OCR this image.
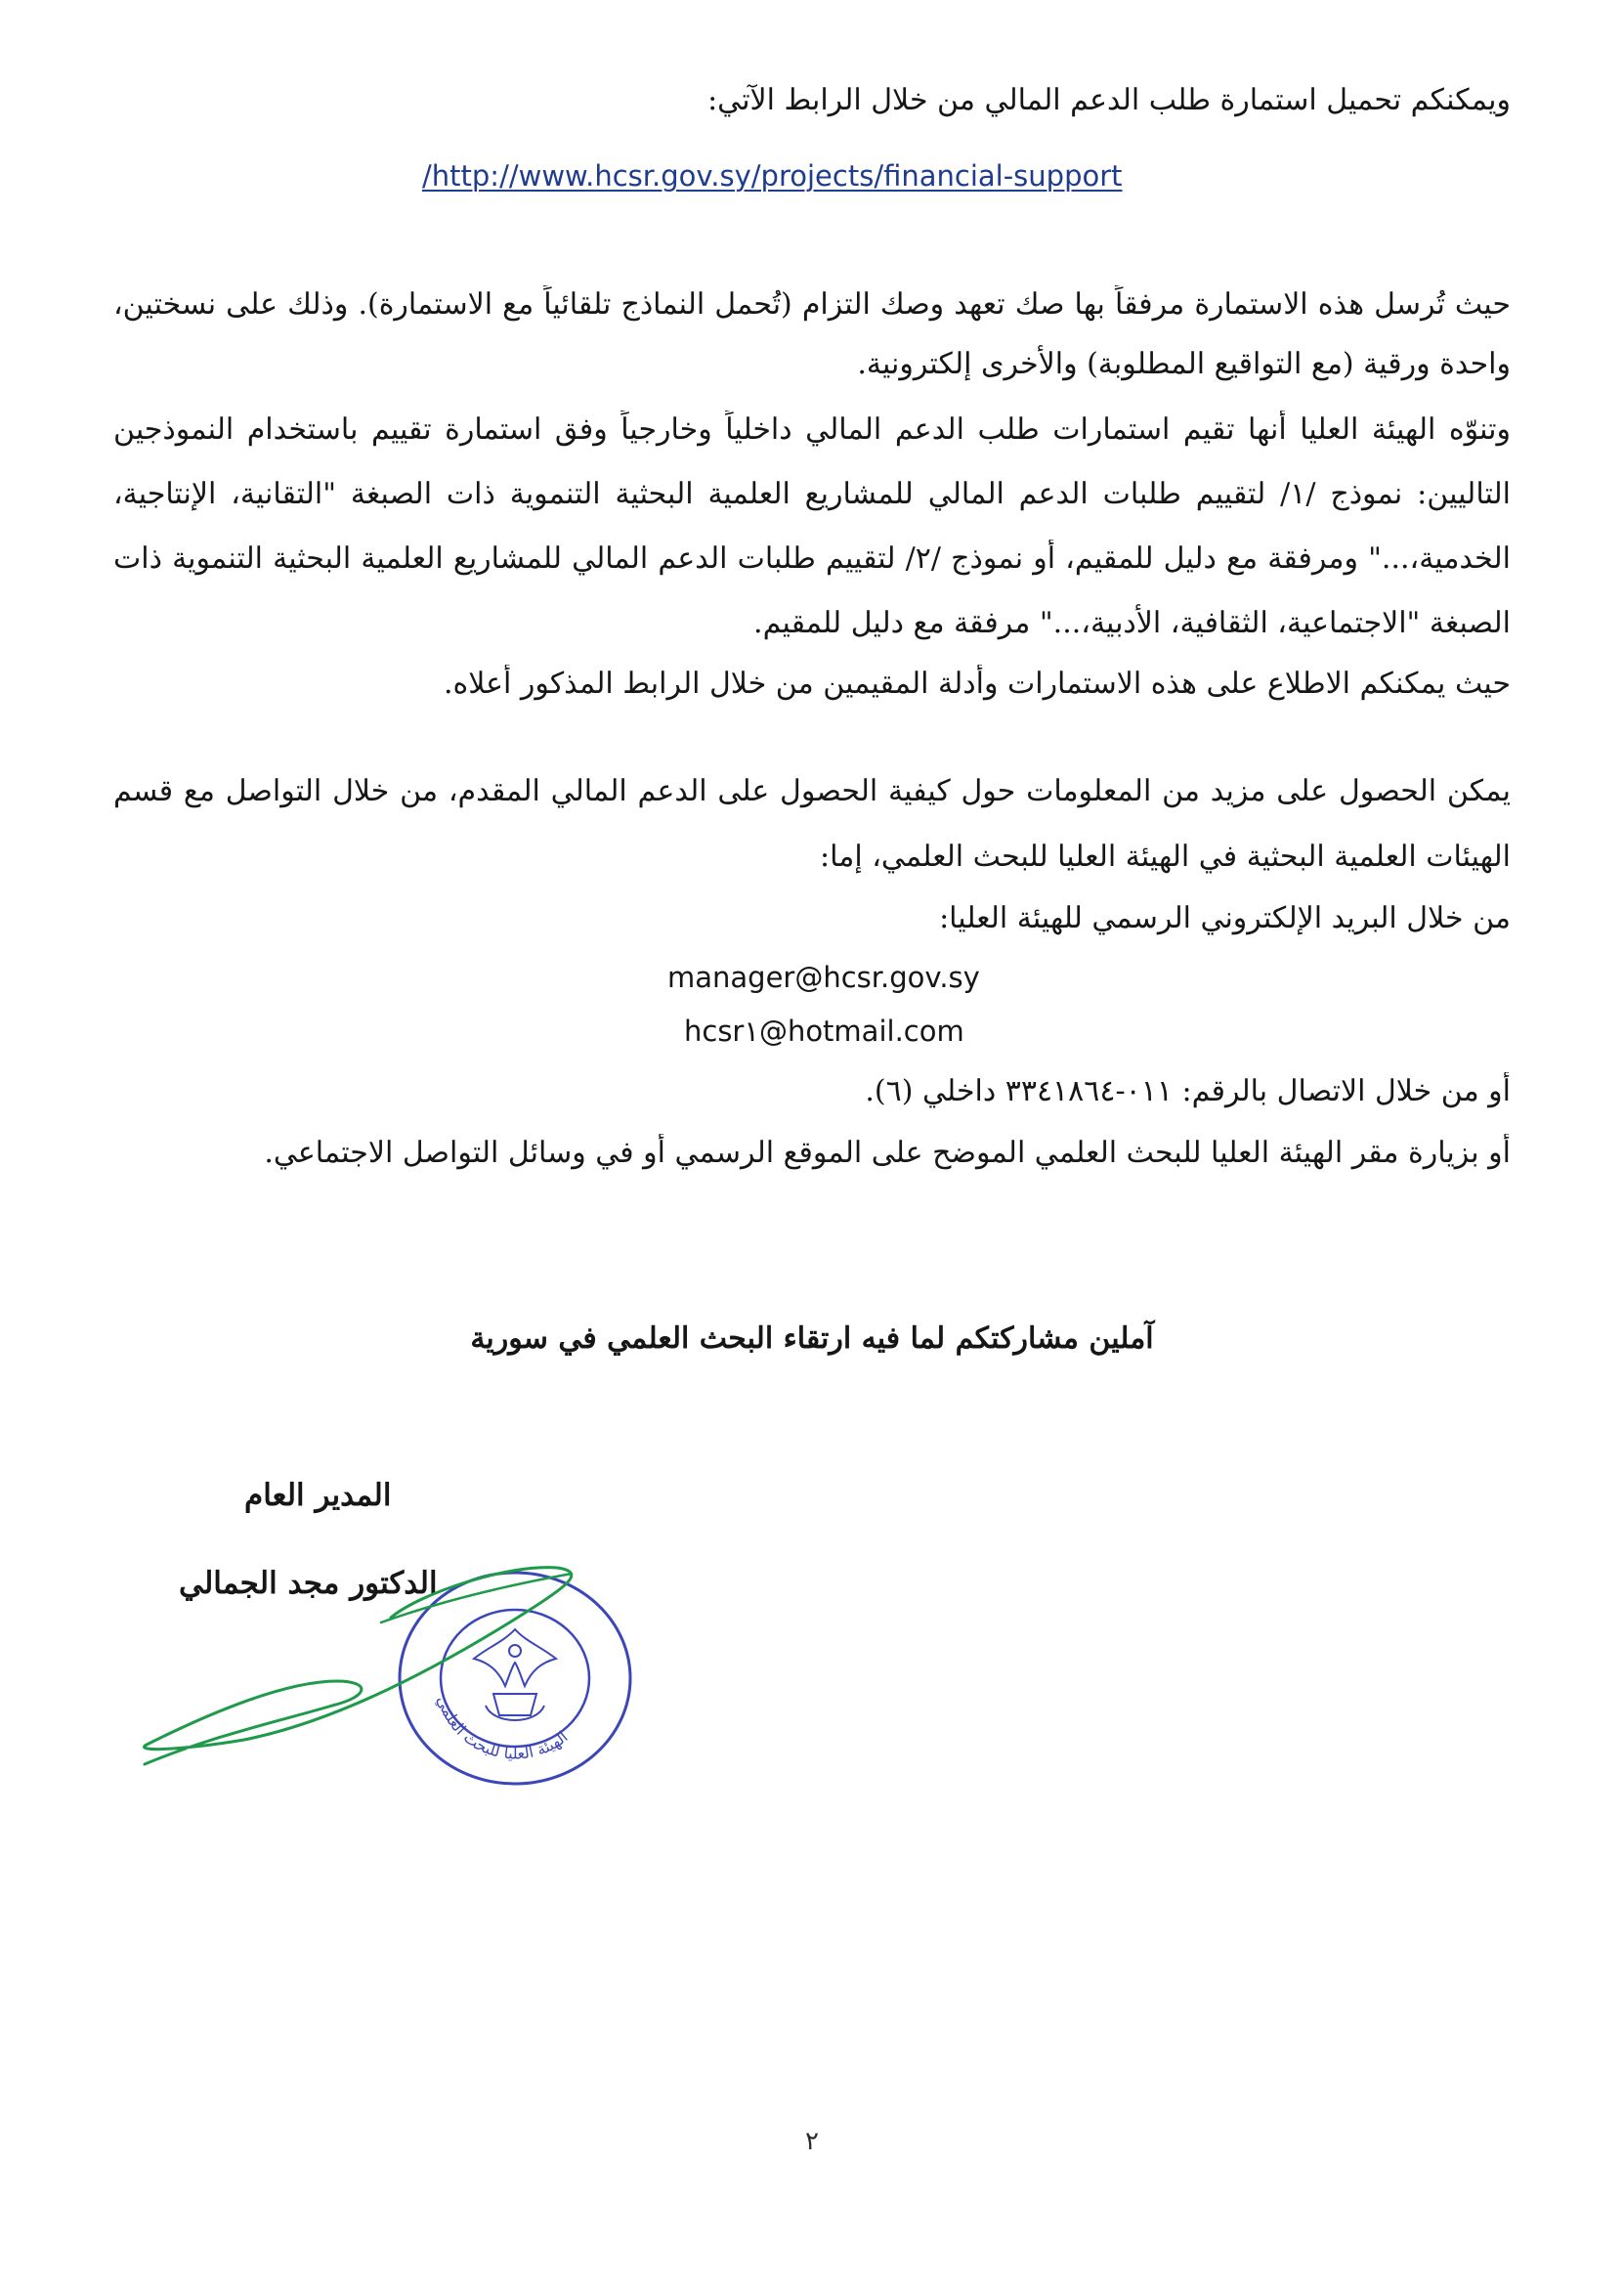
ويمكنكم تحميل استمارة طلب الدعم المالي من خلال الرابط الآتي:
/http://www.hcsr.gov.sy/projects/financial-support
حيث تُرسل هذه الاستمارة مرفقاً بها صك تعهد وصك التزام (تُحمل النماذج تلقائياً مع الاستمارة). وذلك على نسختين،
واحدة ورقية (مع التواقيع المطلوبة) والأخرى إلكترونية.
وتنوّه الهيئة العليا أنها تقيم استمارات طلب الدعم المالي داخلياً وخارجياً وفق استمارة تقييم باستخدام النموذجين
التاليين: نموذج /١/ لتقييم طلبات الدعم المالي للمشاريع العلمية البحثية التنموية ذات الصبغة "التقانية، الإنتاجية،
الخدمية،..." ومرفقة مع دليل للمقيم، أو نموذج /٢/ لتقييم طلبات الدعم المالي للمشاريع العلمية البحثية التنموية ذات
الصبغة "الاجتماعية، الثقافية، الأدبية،..." مرفقة مع دليل للمقيم.
حيث يمكنكم الاطلاع على هذه الاستمارات وأدلة المقيمين من خلال الرابط المذكور أعلاه.
يمكن الحصول على مزيد من المعلومات حول كيفية الحصول على الدعم المالي المقدم، من خلال التواصل مع قسم
الهيئات العلمية البحثية في الهيئة العليا للبحث العلمي، إما:
من خلال البريد الإلكتروني الرسمي للهيئة العليا:
manager@hcsr.gov.sy
hcsr١@hotmail.com
أو من خلال الاتصال بالرقم: ٠١١-٣٣٤١٨٦٤ داخلي (٦).
أو بزيارة مقر الهيئة العليا للبحث العلمي الموضح على الموقع الرسمي أو في وسائل التواصل الاجتماعي.
آملين مشاركتكم لما فيه ارتقاء البحث العلمي في سورية
المدير العام
الدكتور مجد الجمالي
الهيئة العليا للبحث العلمي
٢
